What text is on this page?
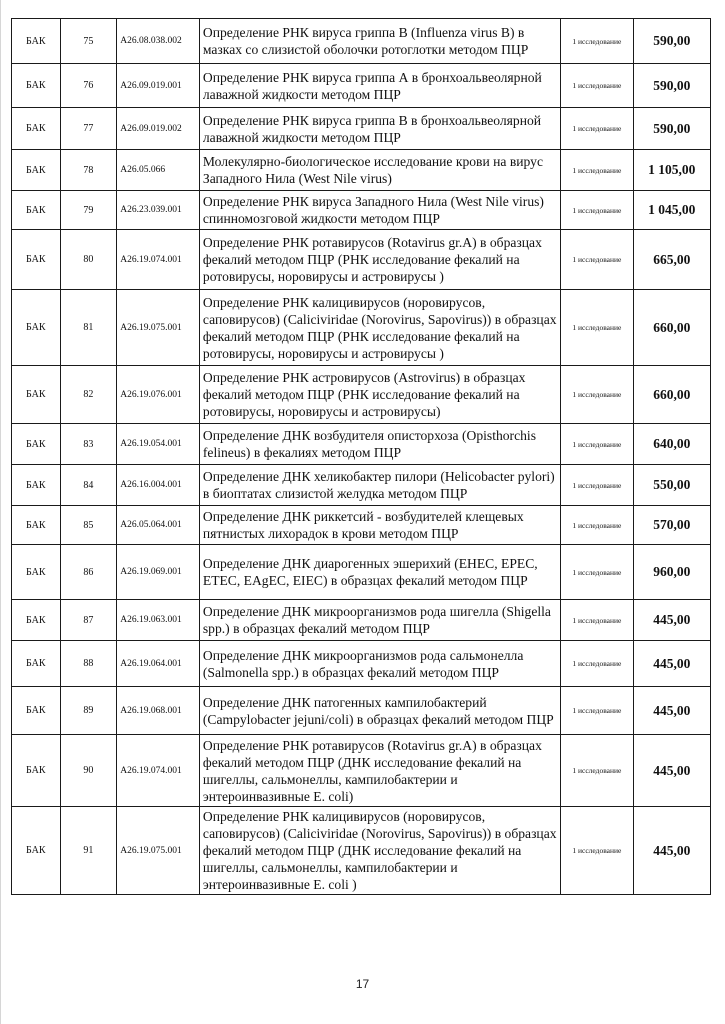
БАК	75	A26.08.038.002	Определение РНК вируса гриппа В (Influenza virus B) в мазках со слизистой оболочки ротоглотки методом ПЦР	1 исследование	590,00
БАК	76	A26.09.019.001	Определение РНК вируса гриппа А в бронхоальвеолярной лаважной жидкости методом ПЦР	1 исследование	590,00
БАК	77	A26.09.019.002	Определение РНК вируса гриппа В в бронхоальвеолярной лаважной жидкости методом ПЦР	1 исследование	590,00
БАК	78	A26.05.066	Молекулярно-биологическое исследование крови на вирус Западного Нила (West Nile virus)	1 исследование	1 105,00
БАК	79	A26.23.039.001	Определение РНК вируса Западного Нила (West Nile virus) спинномозговой жидкости методом ПЦР	1 исследование	1 045,00
БАК	80	A26.19.074.001	Определение РНК ротавирусов (Rotavirus gr.A) в образцах фекалий методом ПЦР (РНК исследование фекалий на ротовирусы, норовирусы и астровирусы )	1 исследование	665,00
БАК	81	A26.19.075.001	Определение РНК калицивирусов (норовирусов, саповирусов) (Caliciviridae (Norovirus, Sapovirus)) в образцах фекалий методом ПЦР (РНК исследование фекалий на ротовирусы, норовирусы и астровирусы )	1 исследование	660,00
БАК	82	A26.19.076.001	Определение РНК астровирусов (Astrovirus) в образцах фекалий методом ПЦР (РНК исследование фекалий на ротовирусы, норовирусы и астровирусы)	1 исследование	660,00
БАК	83	A26.19.054.001	Определение ДНК возбудителя описторхоза (Opisthorchis felineus) в фекалиях методом ПЦР	1 исследование	640,00
БАК	84	A26.16.004.001	Определение ДНК хеликобактер пилори (Helicobacter pylori) в биоптатах слизистой желудка методом ПЦР	1 исследование	550,00
БАК	85	A26.05.064.001	Определение ДНК риккетсий - возбудителей клещевых пятнистых лихорадок в крови методом ПЦР	1 исследование	570,00
БАК	86	A26.19.069.001	Определение ДНК диарогенных эшерихий (EHEC, EPEC, ETEC, EAgEC, EIEC) в образцах фекалий методом ПЦР	1 исследование	960,00
БАК	87	A26.19.063.001	Определение ДНК микроорганизмов рода шигелла (Shigella spp.) в образцах фекалий методом ПЦР	1 исследование	445,00
БАК	88	A26.19.064.001	Определение ДНК микроорганизмов рода сальмонелла (Salmonella spp.) в образцах фекалий методом ПЦР	1 исследование	445,00
БАК	89	A26.19.068.001	Определение ДНК патогенных кампилобактерий (Campylobacter jejuni/coli) в образцах фекалий методом ПЦР	1 исследование	445,00
БАК	90	A26.19.074.001	Определение РНК ротавирусов (Rotavirus gr.A) в образцах фекалий методом ПЦР (ДНК исследование фекалий на шигеллы, сальмонеллы, кампилобактерии и энтероинвазивные E. coli)	1 исследование	445,00
БАК	91	A26.19.075.001	Определение РНК калицивирусов (норовирусов, саповирусов) (Caliciviridae (Norovirus, Sapovirus)) в образцах фекалий методом ПЦР (ДНК исследование фекалий на шигеллы, сальмонеллы, кампилобактерии и энтероинвазивные E. coli )	1 исследование	445,00
17
